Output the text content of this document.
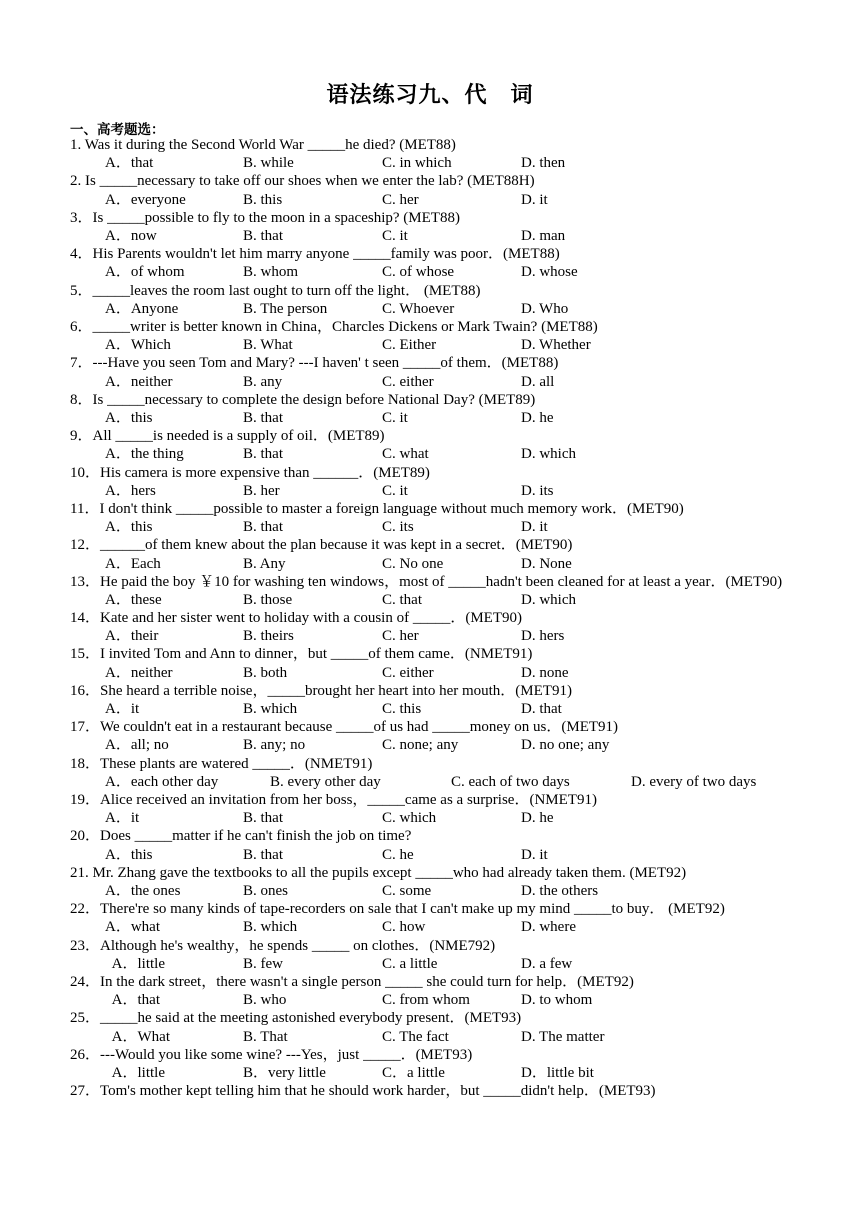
语法练习九、代　词
一、高考题选：
1. Was it during the Second World War _____he died? (MET88)
A．that	B. while	C. in which	D. then
2. Is _____necessary to take off our shoes when we enter the lab? (MET88H)
A．everyone	B. this	C. her	D. it
3．Is _____possible to fly to the moon in a spaceship? (MET88)
A．now	B. that	C. it	D. man
4．His Parents wouldn't let him marry anyone _____family was poor．(MET88)
A．of whom	B. whom	C. of whose	D. whose
5．_____leaves the room last ought to turn off the light． (MET88)
A．Anyone	B. The person	C. Whoever	D. Who
6．_____writer is better known in China，Charcles Dickens or Mark Twain? (MET88)
A．Which	B. What	C. Either	D. Whether
7．---Have you seen Tom and Mary? ---I haven' t seen _____of them．(MET88)
A．neither	B. any	C. either	D. all
8．Is _____necessary to complete the design before National Day? (MET89)
A．this	B. that	C. it	D. he
9．All _____is needed is a supply of oil．(MET89)
A．the thing	B. that	C. what	D. which
10．His camera is more expensive than ______．(MET89)
A．hers	B. her	C. it	D. its
11．I don't think _____possible to master a foreign language without much memory work．(MET90)
A．this	B. that	C. its	D. it
12．______of them knew about the plan because it was kept in a secret．(MET90)
A．Each	B. Any	C. No one	D. None
13．He paid the boy ￥10 for washing ten windows，most of _____hadn't been cleaned for at least a year．(MET90)
A．these	B. those	C. that	D. which
14．Kate and her sister went to holiday with a cousin of _____．(MET90)
A．their	B. theirs	C. her	D. hers
15．I invited Tom and Ann to dinner，but _____of them came．(NMET91)
A．neither	B. both	C. either	D. none
16．She heard a terrible noise，_____brought her heart into her mouth．(MET91)
A．it	B. which	C. this	D. that
17．We couldn't eat in a restaurant because _____of us had _____money on us．(MET91)
A．all; no	B. any; no	C. none; any	D. no one; any
18．These plants are watered _____．(NMET91)
A．each other day	B. every other day	C. each of two days	D. every of two days
19．Alice received an invitation from her boss，_____came as a surprise．(NMET91)
A．it	B. that	C. which	D. he
20．Does _____matter if he can't finish the job on time?
A．this	B. that	C. he	D. it
21. Mr. Zhang gave the textbooks to all the pupils except _____who had already taken them. (MET92)
A．the ones	B. ones	C. some	D. the others
22．There're so many kinds of tape-recorders on sale that I can't make up my mind _____to buy． (MET92)
A．what	B. which	C. how	D. where
23．Although he's wealthy，he spends _____ on clothes．(NME792)
A．little	B. few	C. a little	D. a few
24．In the dark street，there wasn't a single person _____ she could turn for help．(MET92)
A．that	B. who	C. from whom	D. to whom
25．_____he said at the meeting astonished everybody present．(MET93)
A．What	B. That	C. The fact	D. The matter
26．---Would you like some wine? ---Yes，just _____．(MET93)
A．little	B．very little	C．a little	D．little bit
27．Tom's mother kept telling him that he should work harder，but _____didn't help．(MET93)
